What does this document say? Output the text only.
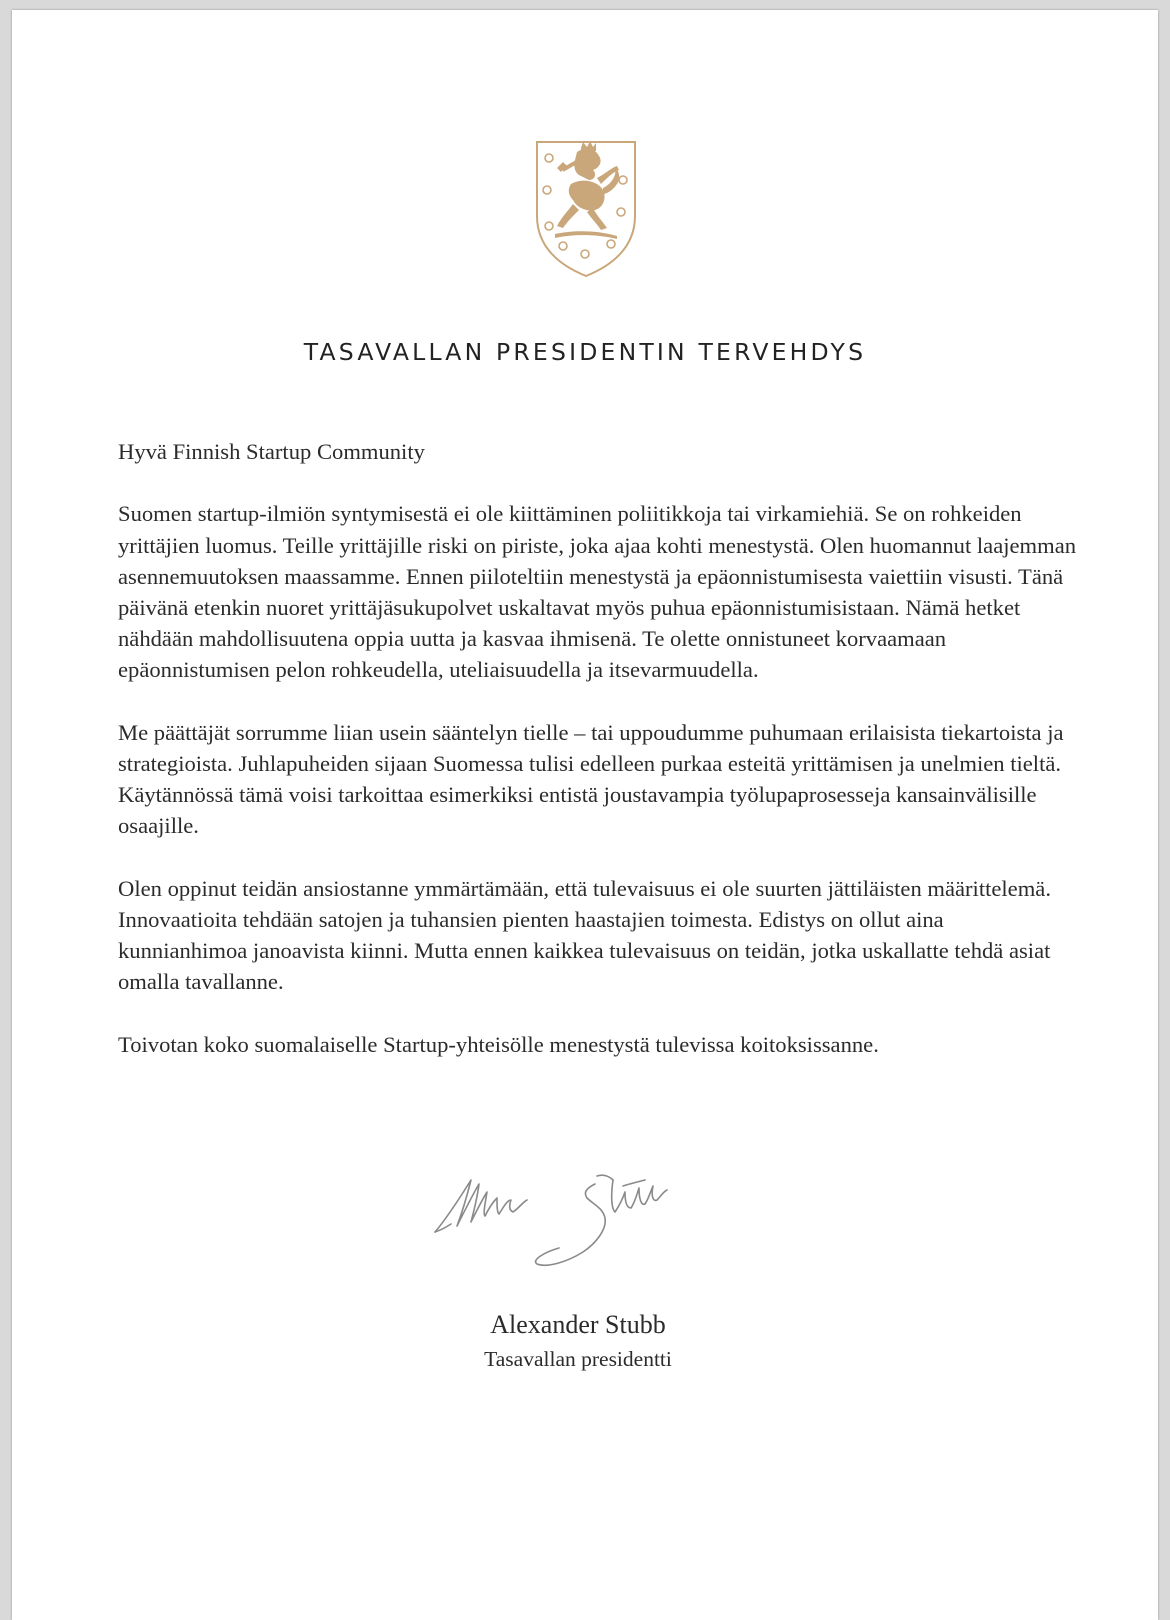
TASAVALLAN PRESIDENTIN TERVEHDYS

Hyvä Finnish Startup Community

Suomen startup-ilmiön syntymisestä ei ole kiittäminen poliitikkoja tai virkamiehiä. Se on rohkeiden yrittäjien luomus. Teille yrittäjille riski on piriste, joka ajaa kohti menestystä. Olen huomannut laajemman asennemuutoksen maassamme. Ennen piiloteltiin menestystä ja epäonnistumisesta vaiettiin visusti. Tänä päivänä etenkin nuoret yrittäjäsukupolvet uskaltavat myös puhua epäonnistumisistaan. Nämä hetket nähdään mahdollisuutena oppia uutta ja kasvaa ihmisenä. Te olette onnistuneet korvaamaan epäonnistumisen pelon rohkeudella, uteliaisuudella ja itsevarmuudella.

Me päättäjät sorrumme liian usein sääntelyn tielle – tai uppoudumme puhumaan erilaisista tiekartoista ja strategioista. Juhlapuheiden sijaan Suomessa tulisi edelleen purkaa esteitä yrittämisen ja unelmien tieltä. Käytännössä tämä voisi tarkoittaa esimerkiksi entistä joustavampia työlupaprosesseja kansainvälisille osaajille.

Olen oppinut teidän ansiostanne ymmärtämään, että tulevaisuus ei ole suurten jättiläisten määrittelemä. Innovaatioita tehdään satojen ja tuhansien pienten haastajien toimesta. Edistys on ollut aina kunnianhimoa janoavista kiinni. Mutta ennen kaikkea tulevaisuus on teidän, jotka uskallatte tehdä asiat omalla tavallanne.

Toivotan koko suomalaiselle Startup-yhteisölle menestystä tulevissa koitoksissanne.

Alexander Stubb
Tasavallan presidentti
